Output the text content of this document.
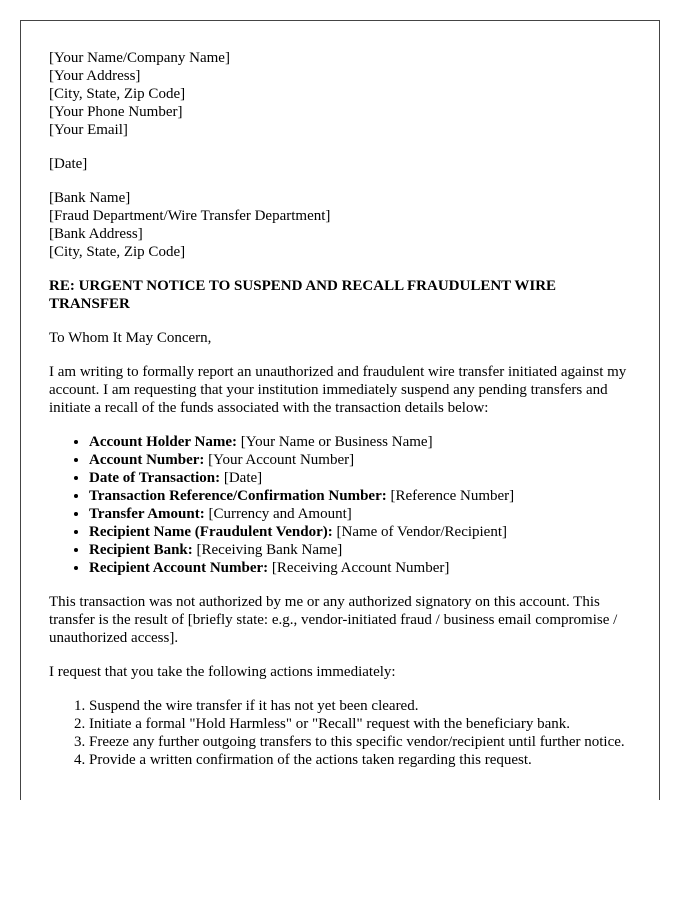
[Your Name/Company Name]
[Your Address]
[City, State, Zip Code]
[Your Phone Number]
[Your Email]
[Date]
[Bank Name]
[Fraud Department/Wire Transfer Department]
[Bank Address]
[City, State, Zip Code]

RE: URGENT NOTICE TO SUSPEND AND RECALL FRAUDULENT WIRE TRANSFER

To Whom It May Concern,

I am writing to formally report an unauthorized and fraudulent wire transfer initiated against my account. I am requesting that your institution immediately suspend any pending transfers and initiate a recall of the funds associated with the transaction details below:

• Account Holder Name: [Your Name or Business Name]
• Account Number: [Your Account Number]
• Date of Transaction: [Date]
• Transaction Reference/Confirmation Number: [Reference Number]
• Transfer Amount: [Currency and Amount]
• Recipient Name (Fraudulent Vendor): [Name of Vendor/Recipient]
• Recipient Bank: [Receiving Bank Name]
• Recipient Account Number: [Receiving Account Number]

This transaction was not authorized by me or any authorized signatory on this account. This transfer is the result of [briefly state: e.g., vendor-initiated fraud / business email compromise / unauthorized access].

I request that you take the following actions immediately:

1. Suspend the wire transfer if it has not yet been cleared.
2. Initiate a formal "Hold Harmless" or "Recall" request with the beneficiary bank.
3. Freeze any further outgoing transfers to this specific vendor/recipient until further notice.
4. Provide a written confirmation of the actions taken regarding this request.
